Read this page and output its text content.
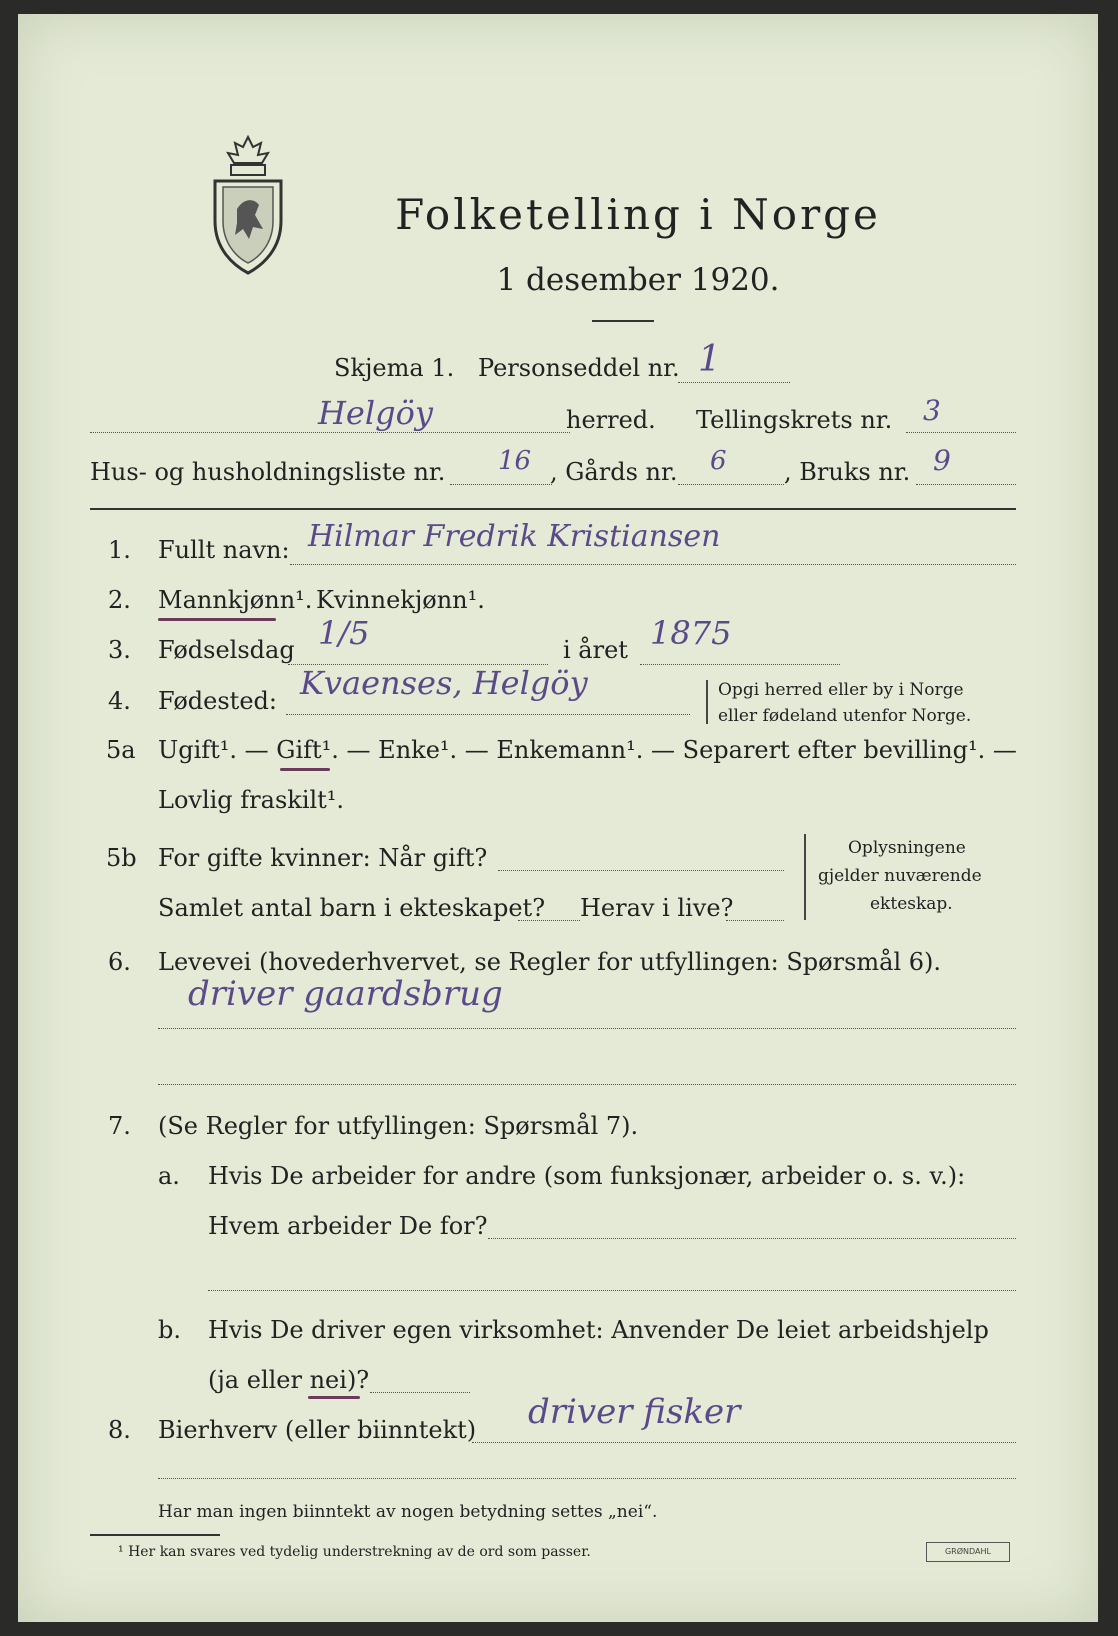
Folketelling i Norge
1 desember 1920.
Skjema 1. Personseddel nr. 1
Helgöy	herred. Tellingskrets nr. 3
Hus- og husholdningsliste nr. 16 , Gårds nr. 6 , Bruks nr. 9
1. Fullt navn: Hilmar Fredrik Kristiansen
2. Mannkjønn¹. Kvinnekjønn¹.
3. Fødselsdag 1/5	i året 1875
4. Fødested: Kvaenses, Helgöy	Opgi herred eller by i Norge
eller fødeland utenfor Norge.
5a Ugift¹. — Gift¹. — Enke¹. — Enkemann¹. — Separert efter bevilling¹. —
Lovlig fraskilt¹.
5b For gifte kvinner: Når gift?
Samlet antal barn i ekteskapet? Herav i live?
Oplysningene
gjelder nuværende
ekteskap.
6. Levevei (hovederhvervet, se Regler for utfyllingen: Spørsmål 6).
driver gaardsbrug
7. (Se Regler for utfyllingen: Spørsmål 7).
a. Hvis De arbeider for andre (som funksjonær, arbeider o. s. v.):
Hvem arbeider De for?
b. Hvis De driver egen virksomhet: Anvender De leiet arbeidshjelp
(ja eller nei)?
8. Bierhverv (eller biinntekt) driver fisker
Har man ingen biinntekt av nogen betydning settes „nei“.
¹ Her kan svares ved tydelig understrekning av de ord som passer.	GRØNDAHL
